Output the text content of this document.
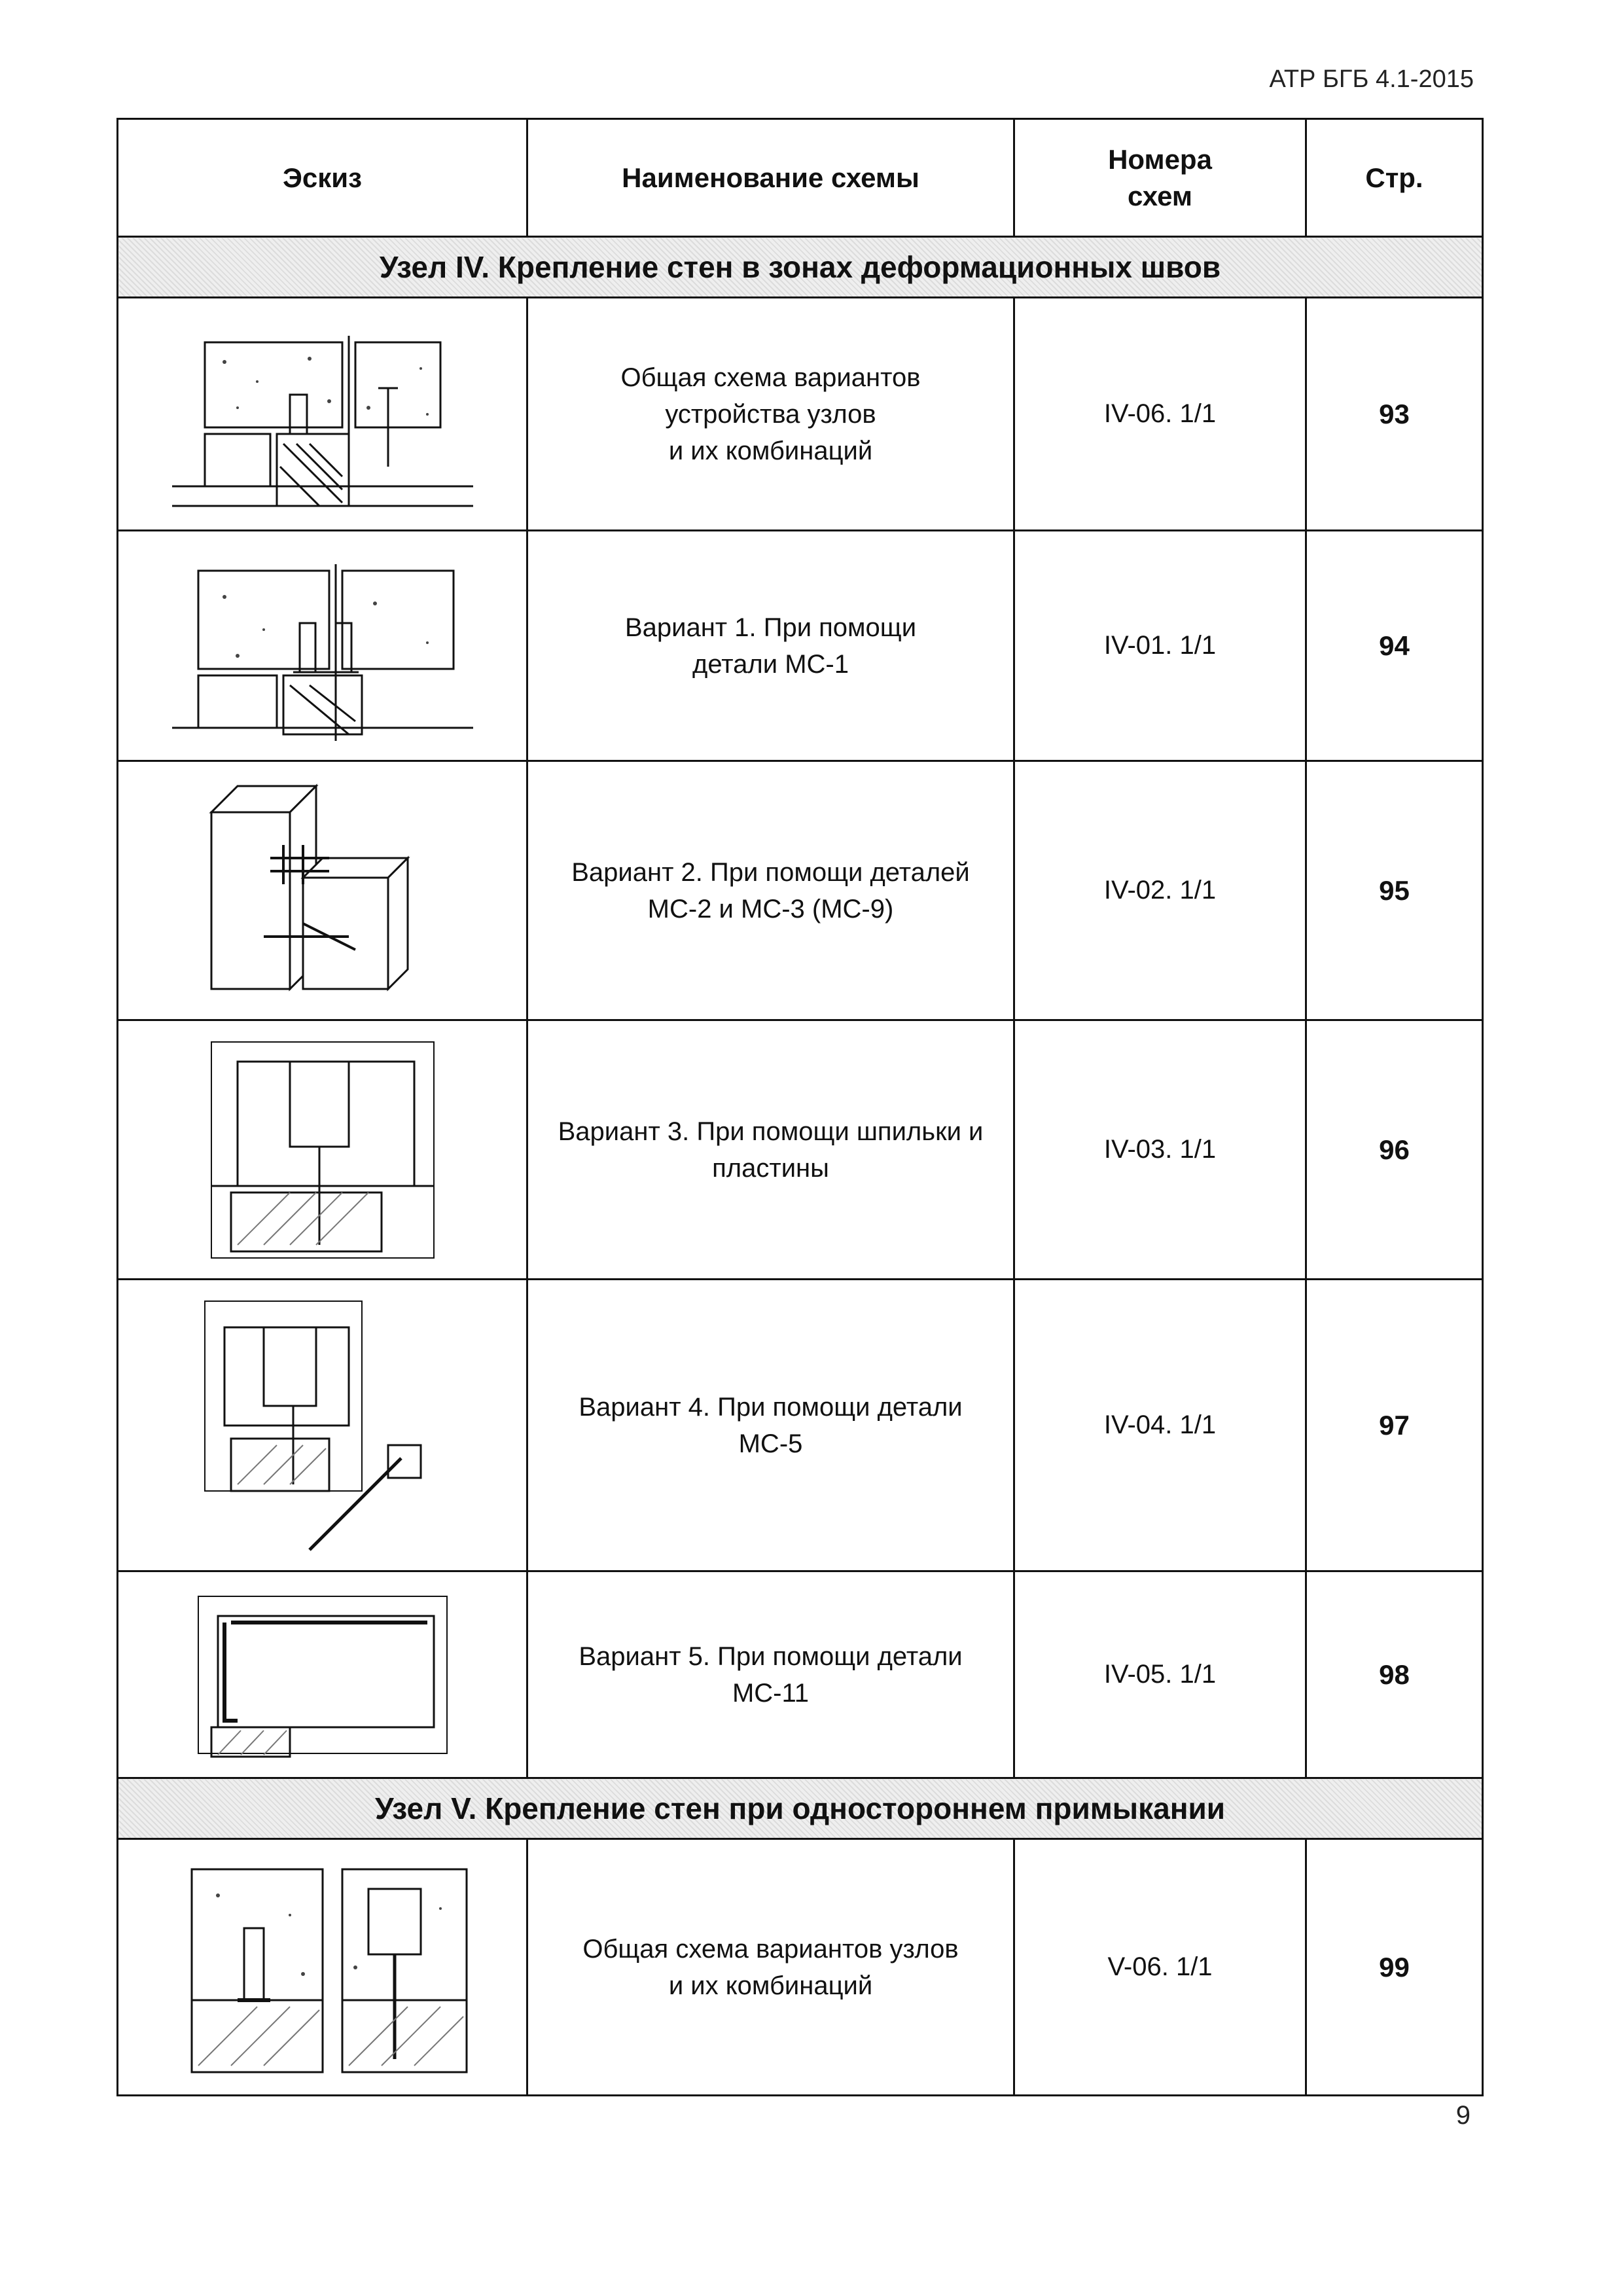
АТР БГБ 4.1-2015
Эскиз	Наименование схемы	Номера
схем	Стр.
Узел IV. Крепление стен в зонах деформационных швов			

	Общая схема вариантов
устройства узлов
и их комбинаций	IV-06. 1/1	93

	Вариант 1. При помощи
детали МС-1	IV-01. 1/1	94

	Вариант 2. При помощи деталей
МС-2 и МС-3 (МС-9)	IV-02. 1/1	95

	Вариант 3. При помощи шпильки и
пластины	IV-03. 1/1	96

	Вариант 4. При помощи детали
МС-5	IV-04. 1/1	97

	Вариант 5. При помощи детали
МС-11	IV-05. 1/1	98
Узел V. Крепление стен при одностороннем примыкании			

	Общая схема вариантов узлов
и их комбинаций	V-06. 1/1	99
9
